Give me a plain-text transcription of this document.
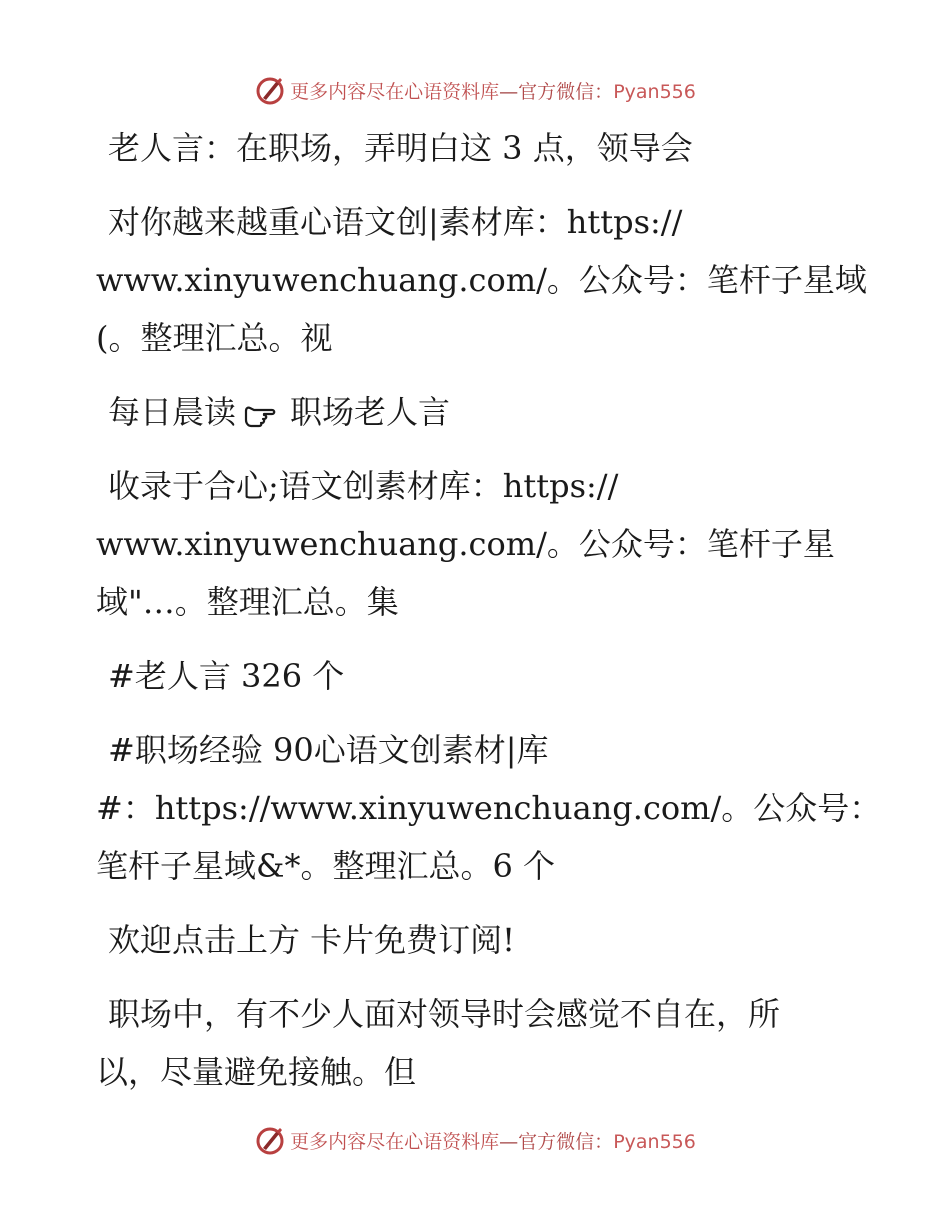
更多内容尽在心语资料库—官方微信：Pyan556
老人言：在职场，弄明白这 3 点，领导会
对你越来越重心语文创|素材库：https://
www.xinyuwenchuang.com/。公众号：笔杆子星域
(。整理汇总。视
每日晨读 职场老人言
收录于合心;语文创素材库：https://
www.xinyuwenchuang.com/。公众号：笔杆子星
域"…。整理汇总。集
#老人言 326 个
#职场经验 90心语文创素材|库
#：https://www.xinyuwenchuang.com/。公众号：
笔杆子星域&*。整理汇总。6 个
欢迎点击上方 卡片免费订阅!
职场中，有不少人面对领导时会感觉不自在，所
以，尽量避免接触。但
更多内容尽在心语资料库—官方微信：Pyan556
